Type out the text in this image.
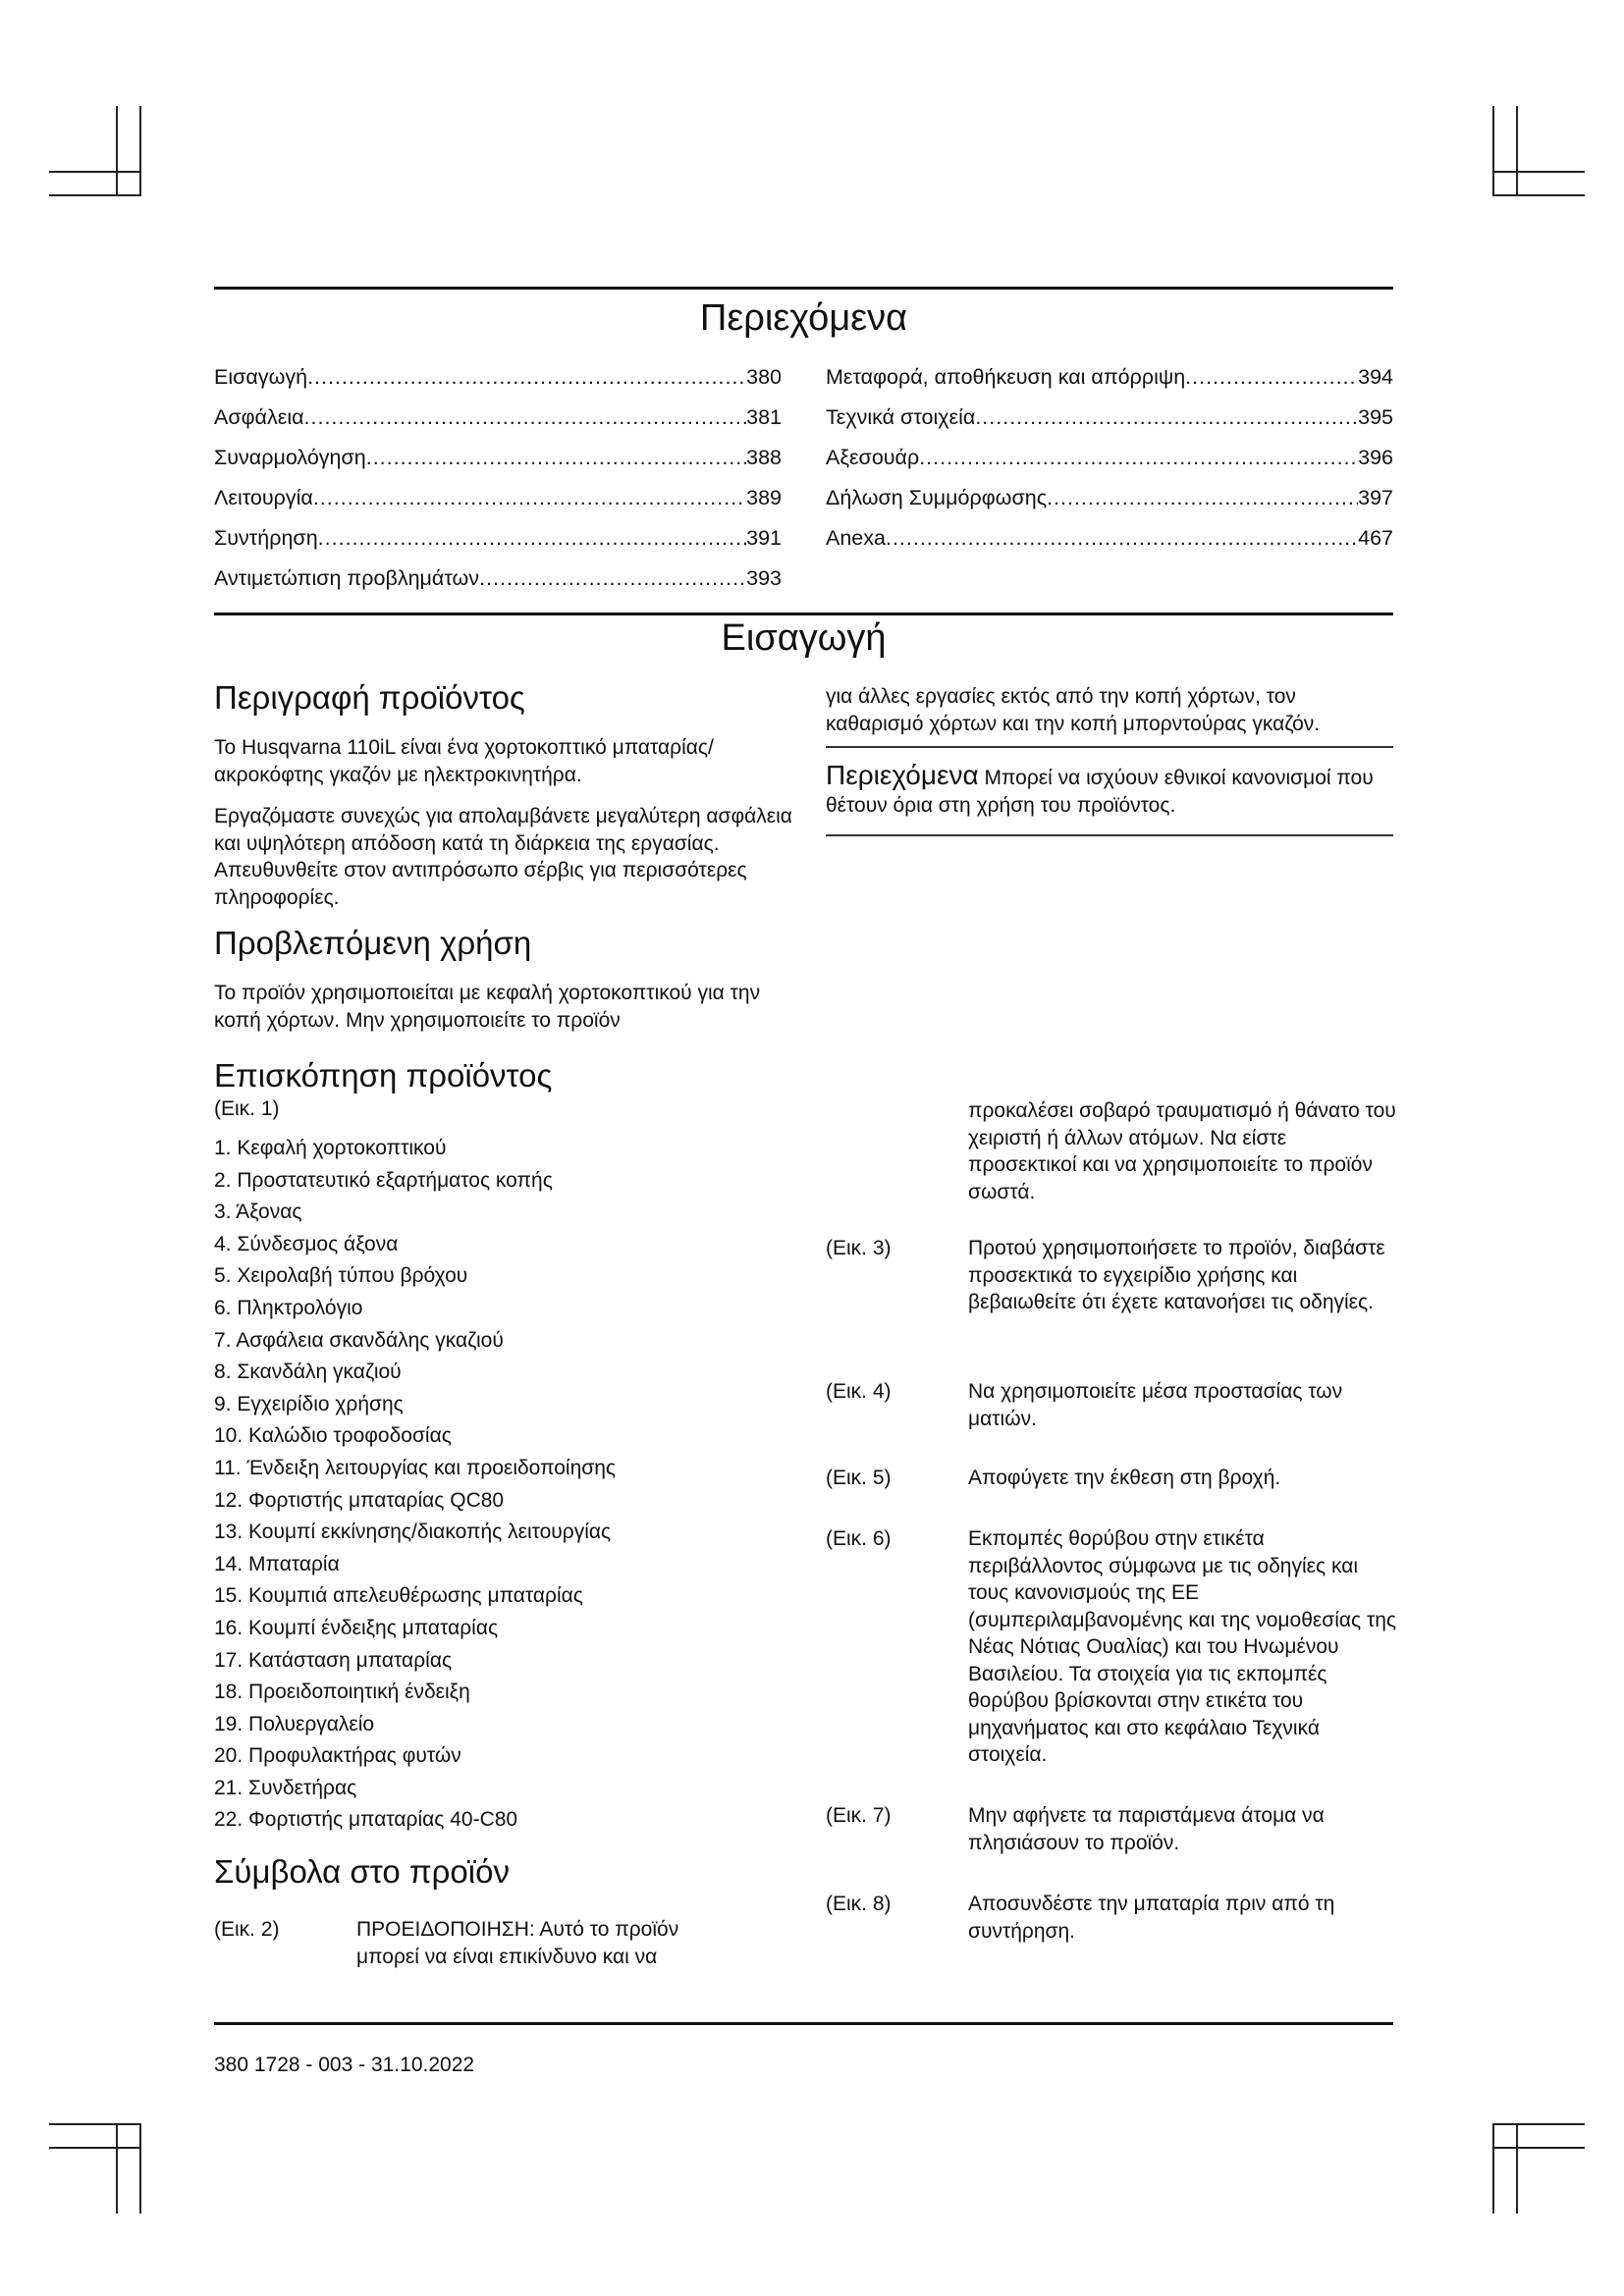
Περιεχόμενα
Εισαγωγή .....	380
Ασφάλεια .....	381
Συναρμολόγηση .....	388
Λειτουργία .....	389
Συντήρηση .....	391
Αντιμετώπιση προβλημάτων .....	393
Μεταφορά, αποθήκευση και απόρριψη .....	394
Τεχνικά στοιχεία .....	395
Αξεσουάρ .....	396
Δήλωση Συμμόρφωσης .....	397
Anexa .....	467
Εισαγωγή
Περιγραφή προϊόντος

Το Husqvarna 110iL είναι ένα χορτοκοπτικό μπαταρίας/ακροκόφτης γκαζόν με ηλεκτροκινητήρα.

Εργαζόμαστε συνεχώς για απολαμβάνετε μεγαλύτερη ασφάλεια και υψηλότερη απόδοση κατά τη διάρκεια της εργασίας. Απευθυνθείτε στον αντιπρόσωπο σέρβις για περισσότερες πληροφορίες.

Προβλεπόμενη χρήση

Το προϊόν χρησιμοποιείται με κεφαλή χορτοκοπτικού για την κοπή χόρτων. Μην χρησιμοποιείτε το προϊόν

για άλλες εργασίες εκτός από την κοπή χόρτων, τον καθαρισμό χόρτων και την κοπή μπορντούρας γκαζόν.

Περιεχόμενα Μπορεί να ισχύουν εθνικοί κανονισμοί που θέτουν όρια στη χρήση του προϊόντος.

Επισκόπηση προϊόντος
(Εικ. 1)
1. Κεφαλή χορτοκοπτικού
2. Προστατευτικό εξαρτήματος κοπής
3. Άξονας
4. Σύνδεσμος άξονα
5. Χειρολαβή τύπου βρόχου
6. Πληκτρολόγιο
7. Ασφάλεια σκανδάλης γκαζιού
8. Σκανδάλη γκαζιού
9. Εγχειρίδιο χρήσης
10. Καλώδιο τροφοδοσίας
11. Ένδειξη λειτουργίας και προειδοποίησης
12. Φορτιστής μπαταρίας QC80
13. Κουμπί εκκίνησης/διακοπής λειτουργίας
14. Μπαταρία
15. Κουμπιά απελευθέρωσης μπαταρίας
16. Κουμπί ένδειξης μπαταρίας
17. Κατάσταση μπαταρίας
18. Προειδοποιητική ένδειξη
19. Πολυεργαλείο
20. Προφυλακτήρας φυτών
21. Συνδετήρας
22. Φορτιστής μπαταρίας 40-C80
Σύμβολα στο προϊόν
(Εικ. 2)	ΠΡΟΕΙΔΟΠΟΙΗΣΗ: Αυτό το προϊόν μπορεί να είναι επικίνδυνο και να

προκαλέσει σοβαρό τραυματισμό ή θάνατο του χειριστή ή άλλων ατόμων. Να είστε προσεκτικοί και να χρησιμοποιείτε το προϊόν σωστά.

(Εικ. 3)	Προτού χρησιμοποιήσετε το προϊόν, διαβάστε προσεκτικά το εγχειρίδιο χρήσης και βεβαιωθείτε ότι έχετε κατανοήσει τις οδηγίες.
(Εικ. 4)	Να χρησιμοποιείτε μέσα προστασίας των ματιών.
(Εικ. 5)	Αποφύγετε την έκθεση στη βροχή.
(Εικ. 6)	Εκπομπές θορύβου στην ετικέτα περιβάλλοντος σύμφωνα με τις οδηγίες και τους κανονισμούς της ΕΕ (συμπεριλαμβανομένης και της νομοθεσίας της Νέας Νότιας Ουαλίας) και του Ηνωμένου Βασιλείου. Τα στοιχεία για τις εκπομπές θορύβου βρίσκονται στην ετικέτα του μηχανήματος και στο κεφάλαιο Τεχνικά στοιχεία.
(Εικ. 7)	Μην αφήνετε τα παριστάμενα άτομα να πλησιάσουν το προϊόν.
(Εικ. 8)	Αποσυνδέστε την μπαταρία πριν από τη συντήρηση.
380 1728 - 003 - 31.10.2022
